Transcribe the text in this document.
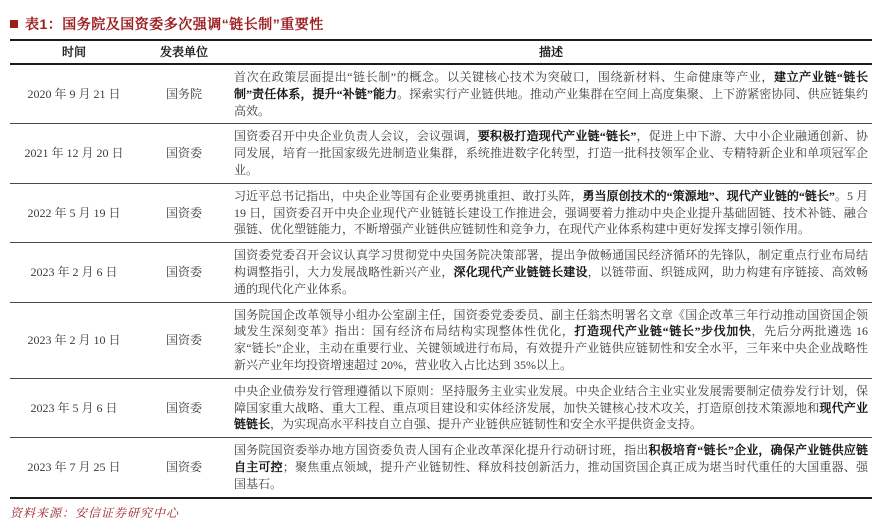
表1：国务院及国资委多次强调“链长制”重要性
时间	发表单位	描述
2020 年 9 月 21 日	国务院	首次在政策层面提出“链长制”的概念。以关键核心技术为突破口，围绕新材料、生命健康等产业，建立产业链“链长制”责任体系，提升“补链”能力。探索实行产业链供地。推动产业集群在空间上高度集聚、上下游紧密协同、供应链集约高效。
2021 年 12 月 20 日	国资委	国资委召开中央企业负责人会议，会议强调，要积极打造现代产业链“链长”，促进上中下游、大中小企业融通创新、协同发展，培育一批国家级先进制造业集群，系统推进数字化转型，打造一批科技领军企业、专精特新企业和单项冠军企业。
2022 年 5 月 19 日	国资委	习近平总书记指出，中央企业等国有企业要勇挑重担、敢打头阵，勇当原创技术的“策源地”、现代产业链的“链长”。5 月 19 日，国资委召开中央企业现代产业链链长建设工作推进会，强调要着力推动中央企业提升基础固链、技术补链、融合强链、优化塑链能力，不断增强产业链供应链韧性和竞争力，在现代产业体系构建中更好发挥支撑引领作用。
2023 年 2 月 6 日	国资委	国资委党委召开会议认真学习贯彻党中央国务院决策部署，提出争做畅通国民经济循环的先锋队，制定重点行业布局结构调整指引，大力发展战略性新兴产业，深化现代产业链链长建设，以链带面、织链成网，助力构建有序链接、高效畅通的现代化产业体系。
2023 年 2 月 10 日	国资委	国务院国企改革领导小组办公室副主任，国资委党委委员、副主任翁杰明署名文章《国企改革三年行动推动国资国企领域发生深刻变革》指出：国有经济布局结构实现整体性优化，打造现代产业链“链长”步伐加快，先后分两批遴选 16 家“链长”企业，主动在重要行业、关键领域进行布局，有效提升产业链供应链韧性和安全水平，三年来中央企业战略性新兴产业年均投资增速超过 20%，营业收入占比达到 35%以上。
2023 年 5 月 6 日	国资委	中央企业债券发行管理遵循以下原则：坚持服务主业实业发展。中央企业结合主业实业发展需要制定债券发行计划，保障国家重大战略、重大工程、重点项目建设和实体经济发展，加快关键核心技术攻关，打造原创技术策源地和现代产业链链长，为实现高水平科技自立自强、提升产业链供应链韧性和安全水平提供资金支持。
2023 年 7 月 25 日	国资委	国务院国资委举办地方国资委负责人国有企业改革深化提升行动研讨班，指出积极培育“链长”企业，确保产业链供应链自主可控；聚焦重点领域，提升产业链韧性、释放科技创新活力，推动国资国企真正成为堪当时代重任的大国重器、强国基石。
资料来源：安信证券研究中心
